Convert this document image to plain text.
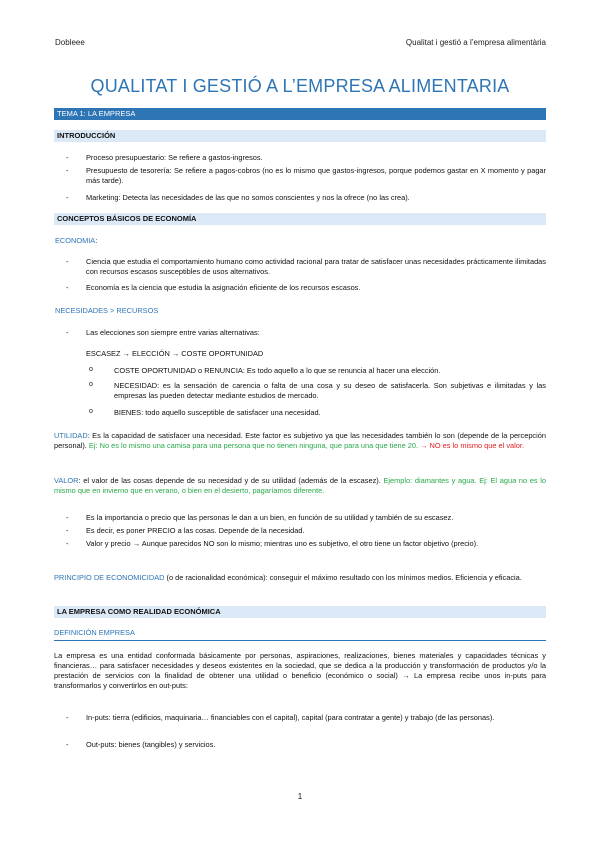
Dobleee	Qualitat i gestió a l’empresa alimentària
QUALITAT I GESTIÓ A L’EMPRESA ALIMENTARIA
TEMA 1: LA EMPRESA
INTRODUCCIÓN
- Proceso presupuestario: Se refiere a gastos-ingresos.
- Presupuesto de tesorería: Se refiere a pagos-cobros (no es lo mismo que gastos-ingresos, porque podemos gastar en X momento y pagar más tarde).
- Marketing: Detecta las necesidades de las que no somos conscientes y nos la ofrece (no las crea).
CONCEPTOS BÁSICOS DE ECONOMÍA
ECONOMIA:
- Ciencia que estudia el comportamiento humano como actividad racional para tratar de satisfacer unas necesidades prácticamente ilimitadas con recursos escasos susceptibles de usos alternativos.
- Economía es la ciencia que estudia la asignación eficiente de los recursos escasos.
NECESIDADES > RECURSOS
- Las elecciones son siempre entre varias alternativas:
ESCASEZ → ELECCIÓN → COSTE OPORTUNIDAD
o	COSTE OPORTUNIDAD o RENUNCIA: Es todo aquello a lo que se renuncia al hacer una elección.
o	NECESIDAD: es la sensación de carencia o falta de una cosa y su deseo de satisfacerla. Son subjetivas e ilimitadas y las empresas las pueden detectar mediante estudios de mercado.
o	BIENES: todo aquello susceptible de satisfacer una necesidad.
UTILIDAD: Es la capacidad de satisfacer una necesidad. Este factor es subjetivo ya que las necesidades también lo son (depende de la percepción personal). Ej: No es lo mismo una camisa para una persona que no tienen ninguna, que para una que tiene 20. → NO es lo mismo que el valor.
VALOR: el valor de las cosas depende de su necesidad y de su utilidad (además de la escasez). Ejemplo: diamantes y agua. Ej: El agua no es lo mismo que en invierno que en verano, o bien en el desierto, pagaríamos diferente.
- Es la importancia o precio que las personas le dan a un bien, en función de su utilidad y también de su escasez.
- Es decir, es poner PRECIO a las cosas. Depende de la necesidad.
- Valor y precio → Aunque parecidos NO son lo mismo; mientras uno es subjetivo, el otro tiene un factor objetivo (precio).
PRINCIPIO DE ECONOMICIDAD (o de racionalidad económica): conseguir el máximo resultado con los mínimos medios. Eficiencia y eficacia.
LA EMPRESA COMO REALIDAD ECONÓMICA
DEFINICIÓN EMPRESA
La empresa es una entidad conformada básicamente por personas, aspiraciones, realizaciones, bienes materiales y capacidades técnicas y financieras… para satisfacer necesidades y deseos existentes en la sociedad, que se dedica a la producción y transformación de productos y/o la prestación de servicios con la finalidad de obtener una utilidad o beneficio (económico o social) → La empresa recibe unos in-puts para transformarlos y convertirlos en out-puts:
- In-puts: tierra (edificios, maquinaria… financiables con el capital), capital (para contratar a gente) y trabajo (de las personas).
- Out-puts: bienes (tangibles) y servicios.
1
